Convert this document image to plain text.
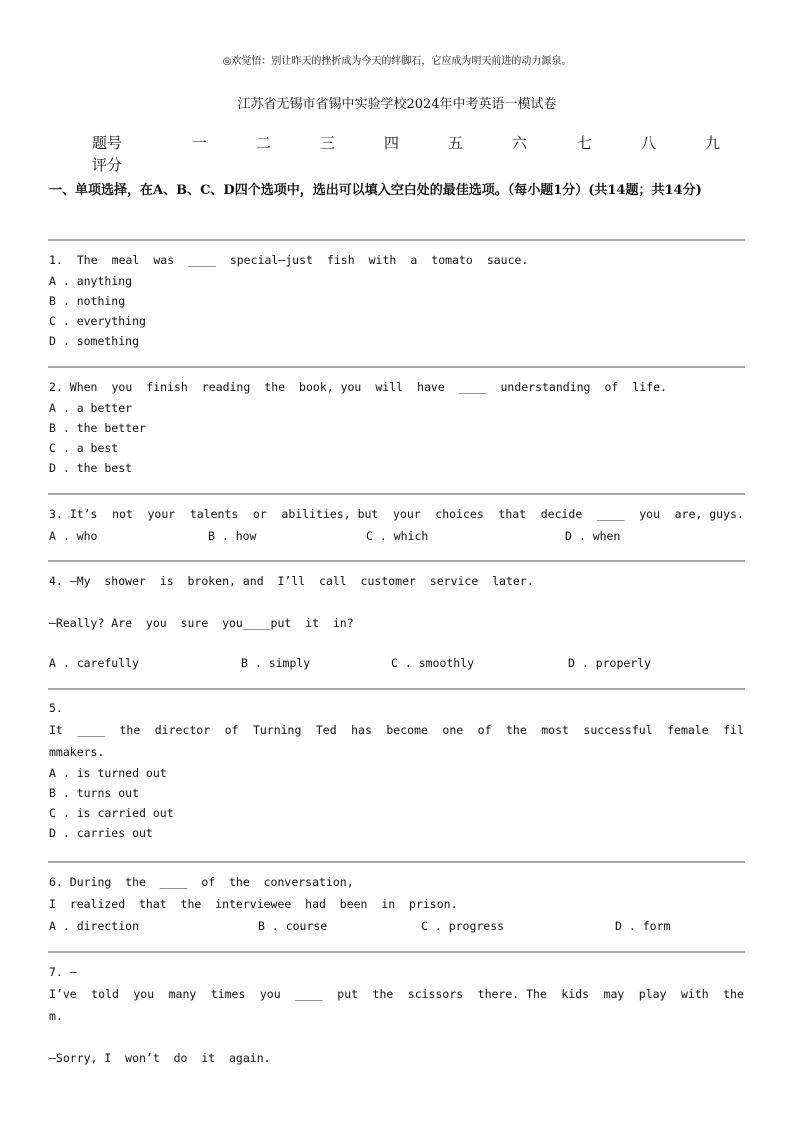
◎欢觉悟：别让昨天的挫折成为今天的绊脚石，它应成为明天前进的动力源泉。
江苏省无锡市省锡中实验学校2024年中考英语一模试卷
题号	一	二	三	四	五	六	七	八	九
评分
一、单项选择，在A、B、C、D四个选项中，选出可以填入空白处的最佳选项。（每小题1分）(共14题；共14分)
1. The meal was ____ special—just fish with a tomato sauce.
A . anything
B . nothing
C . everything
D . something
2. When you finish reading the book, you will have ____ understanding of life.
A . a better
B . the better
C . a best
D . the best
3. It’s not your talents or abilities, but your choices that decide ____ you are, guys.
A . who	B . how	C . which	D . when
4. —My  shower  is  broken, and  I’ll  call  customer  service  later.
—Really? Are  you  sure  you____put  it  in?
A . carefully	B . simply	C . smoothly	D . properly
5.
It ____ the director of Turning Ted has become one of the most successful female fil
mmakers.
A . is turned out
B . turns out
C . is carried out
D . carries out
6. During  the  ____  of  the  conversation,
I  realized  that  the  interviewee  had  been  in  prison.
A . direction	B . course	C . progress	D . form
7. —
I’ve told you many times you ____ put the scissors there. The kids may play with the
m.
—Sorry, I  won’t  do  it  again.
